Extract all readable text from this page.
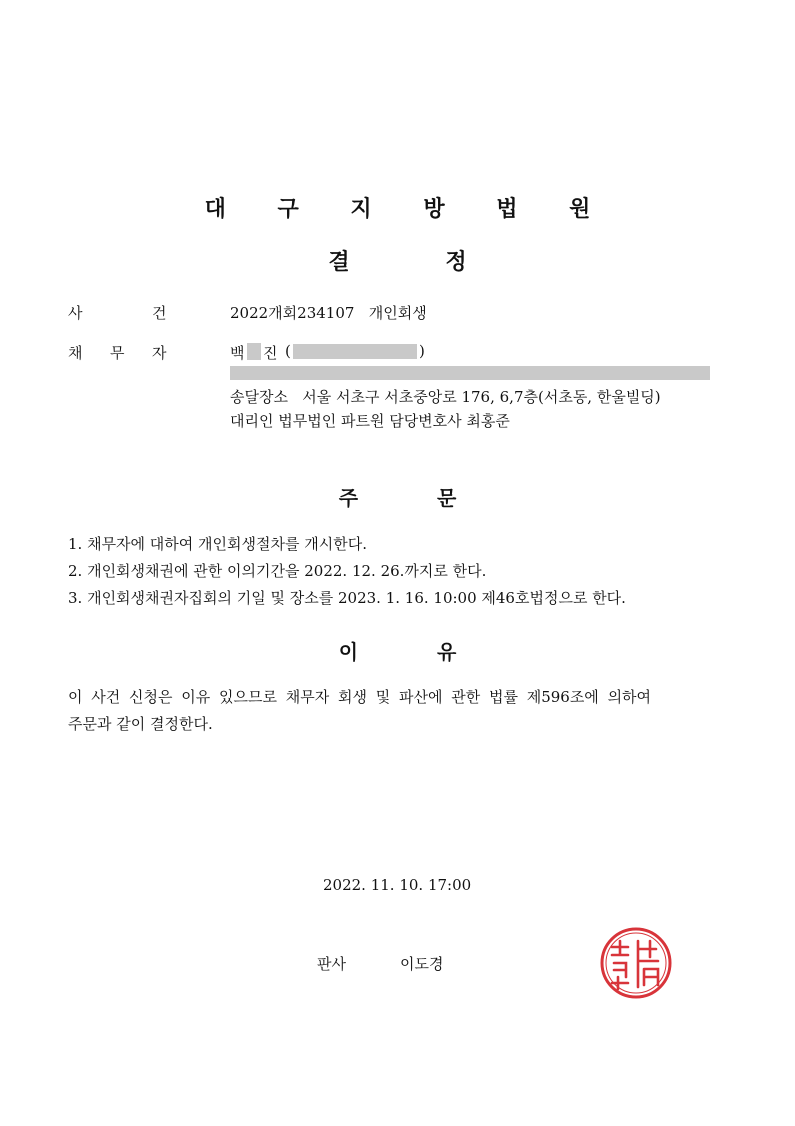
대 구 지 방 법 원
결 정
사	건	2022개회234107   개인회생
채 무 자	백 진 (	)
송달장소   서울 서초구 서초중앙로 176, 6,7층(서초동, 한울빌딩)
대리인 법무법인 파트원 담당변호사 최홍준
주 문
1. 채무자에 대하여 개인회생절차를 개시한다.
2. 개인회생채권에 관한 이의기간을 2022. 12. 26.까지로 한다.
3. 개인회생채권자집회의 기일 및 장소를 2023. 1. 16. 10:00 제46호법정으로 한다.
이 유
이 사건 신청은 이유 있으므로 채무자 회생 및 파산에 관한 법률 제596조에 의하여
주문과 같이 결정한다.
2022. 11. 10. 17:00
판사	이도경
